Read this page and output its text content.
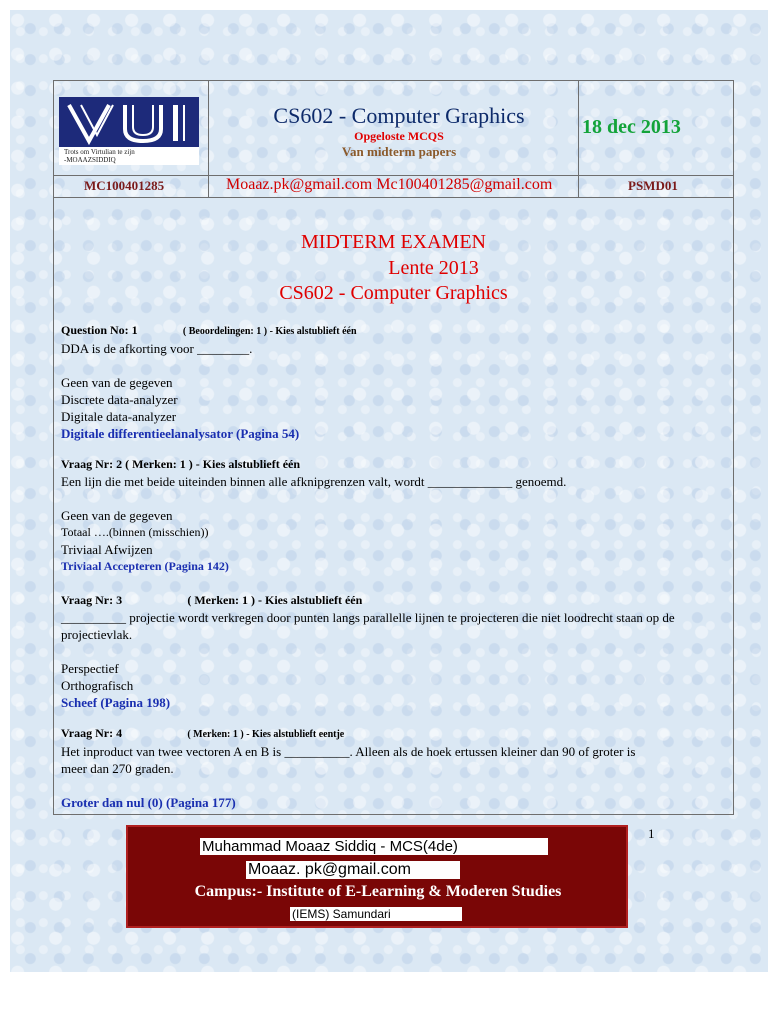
Trots om Virtulian te zijn
-MOAAZSIDDIQ
CS602 - Computer Graphics
Opgeloste MCQS
Van midterm papers
18 dec 2013
MC100401285	Moaaz.pk@gmail.com Mc100401285@gmail.com	PSMD01
MIDTERM EXAMEN
Lente 2013
CS602 - Computer Graphics
Question No: 1	( Beoordelingen: 1 ) - Kies alstublieft één
DDA is de afkorting voor ________.
Geen van de gegeven
Discrete data-analyzer
Digitale data-analyzer
Digitale differentieelanalysator (Pagina 54)
Vraag Nr: 2 ( Merken: 1 ) - Kies alstublieft één
Een lijn die met beide uiteinden binnen alle afknipgrenzen valt, wordt _____________ genoemd.
Geen van de gegeven
Totaal ….(binnen (misschien))
Triviaal Afwijzen
Triviaal Accepteren (Pagina 142)
Vraag Nr: 3	( Merken: 1 ) - Kies alstublieft één
__________ projectie wordt verkregen door punten langs parallelle lijnen te projecteren die niet loodrecht staan op de
projectievlak.
Perspectief
Orthografisch
Scheef (Pagina 198)
Vraag Nr: 4	( Merken: 1 ) - Kies alstublieft eentje
Het inproduct van twee vectoren A en B is __________. Alleen als de hoek ertussen kleiner dan 90 of groter is
meer dan 270 graden.
Groter dan nul (0) (Pagina 177)
1
Muhammad Moaaz Siddiq - MCS(4de)
Moaaz. pk@gmail.com
Campus:- Institute of E-Learning & Moderen Studies
(IEMS) Samundari
